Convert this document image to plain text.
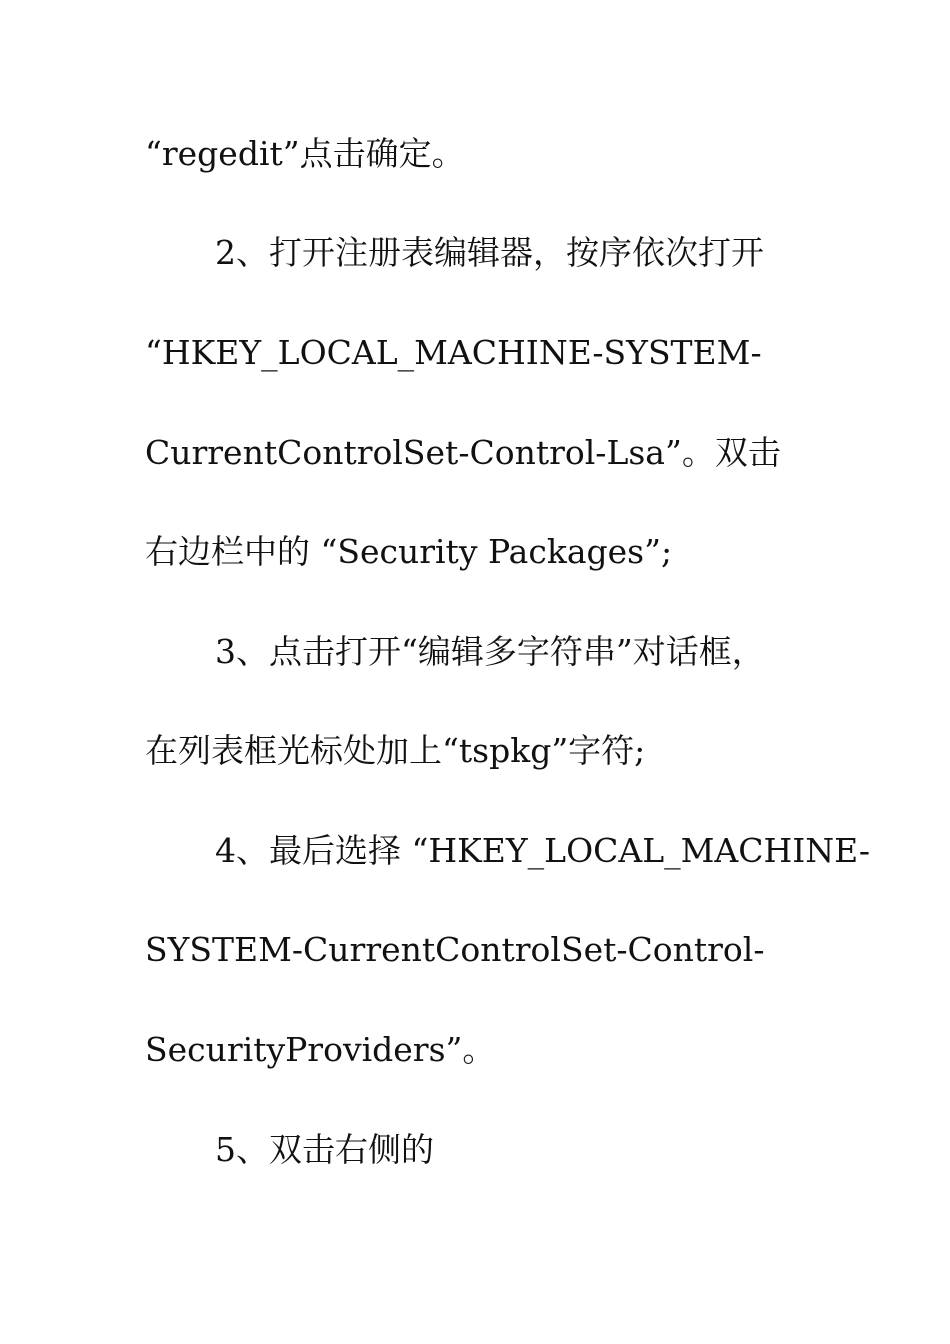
“regedit”点击确定。
2、打开注册表编辑器，按序依次打开
“HKEY_LOCAL_MACHINE-SYSTEM-
CurrentControlSet-Control-Lsa”。双击
右边栏中的 “Security Packages”;
3、点击打开“编辑多字符串”对话框，
在列表框光标处加上“tspkg”字符;
4、最后选择 “HKEY_LOCAL_MACHINE-
SYSTEM-CurrentControlSet-Control-
SecurityProviders”。
5、双击右侧的
